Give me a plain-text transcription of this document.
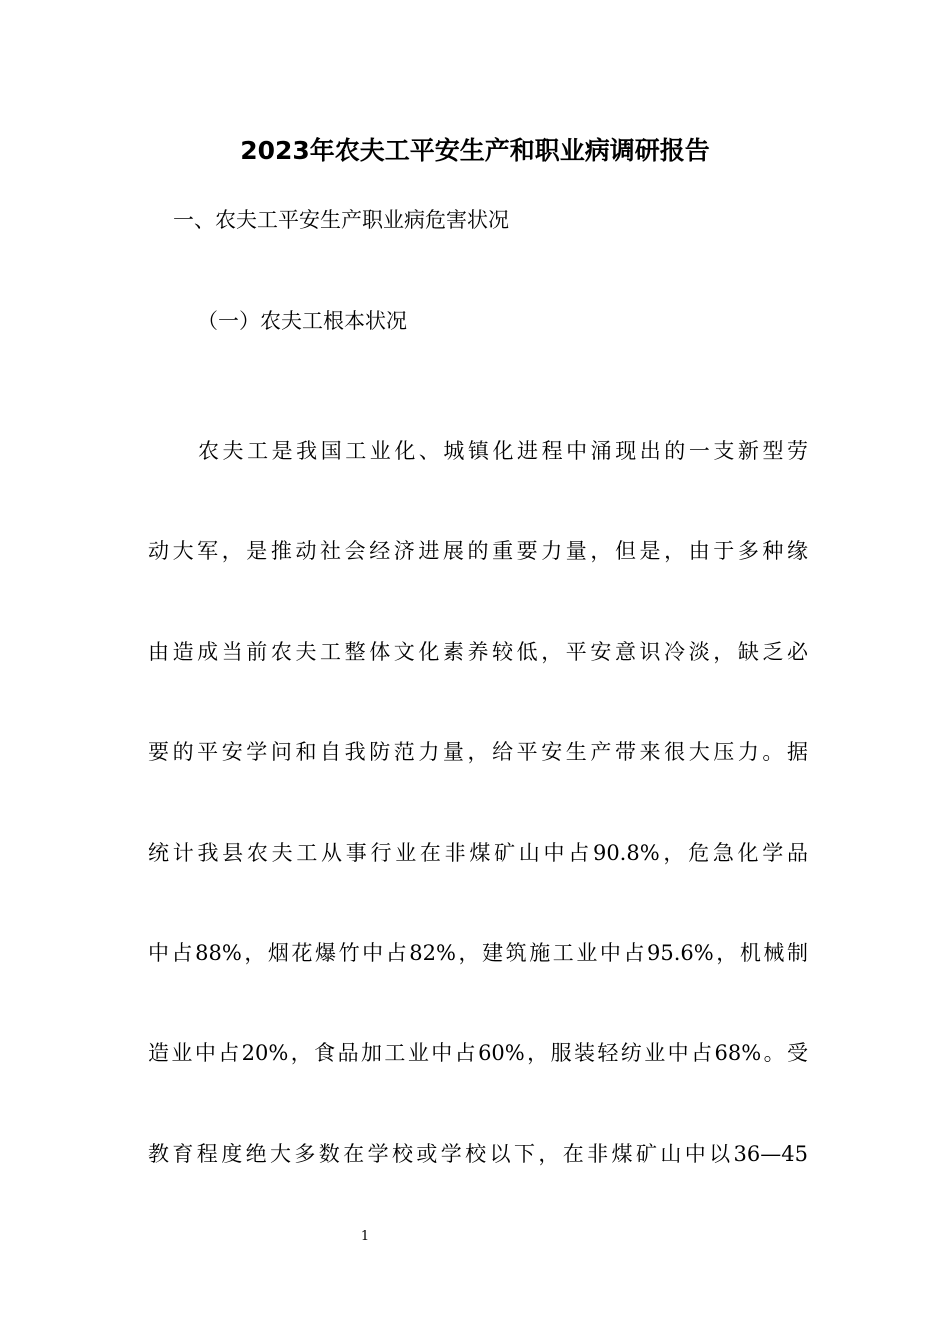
2023年农夫工平安生产和职业病调研报告
一、农夫工平安生产职业病危害状况
（一）农夫工根本状况
农夫工是我国工业化、城镇化进程中涌现出的一支新型劳
动大军，是推动社会经济进展的重要力量，但是，由于多种缘
由造成当前农夫工整体文化素养较低，平安意识冷淡，缺乏必
要的平安学问和自我防范力量，给平安生产带来很大压力。据
统计我县农夫工从事行业在非煤矿山中占90.8%，危急化学品
中占88%，烟花爆竹中占82%，建筑施工业中占95.6%，机械制
造业中占20%，食品加工业中占60%，服装轻纺业中占68%。受
教育程度绝大多数在学校或学校以下，在非煤矿山中以36—45
1
